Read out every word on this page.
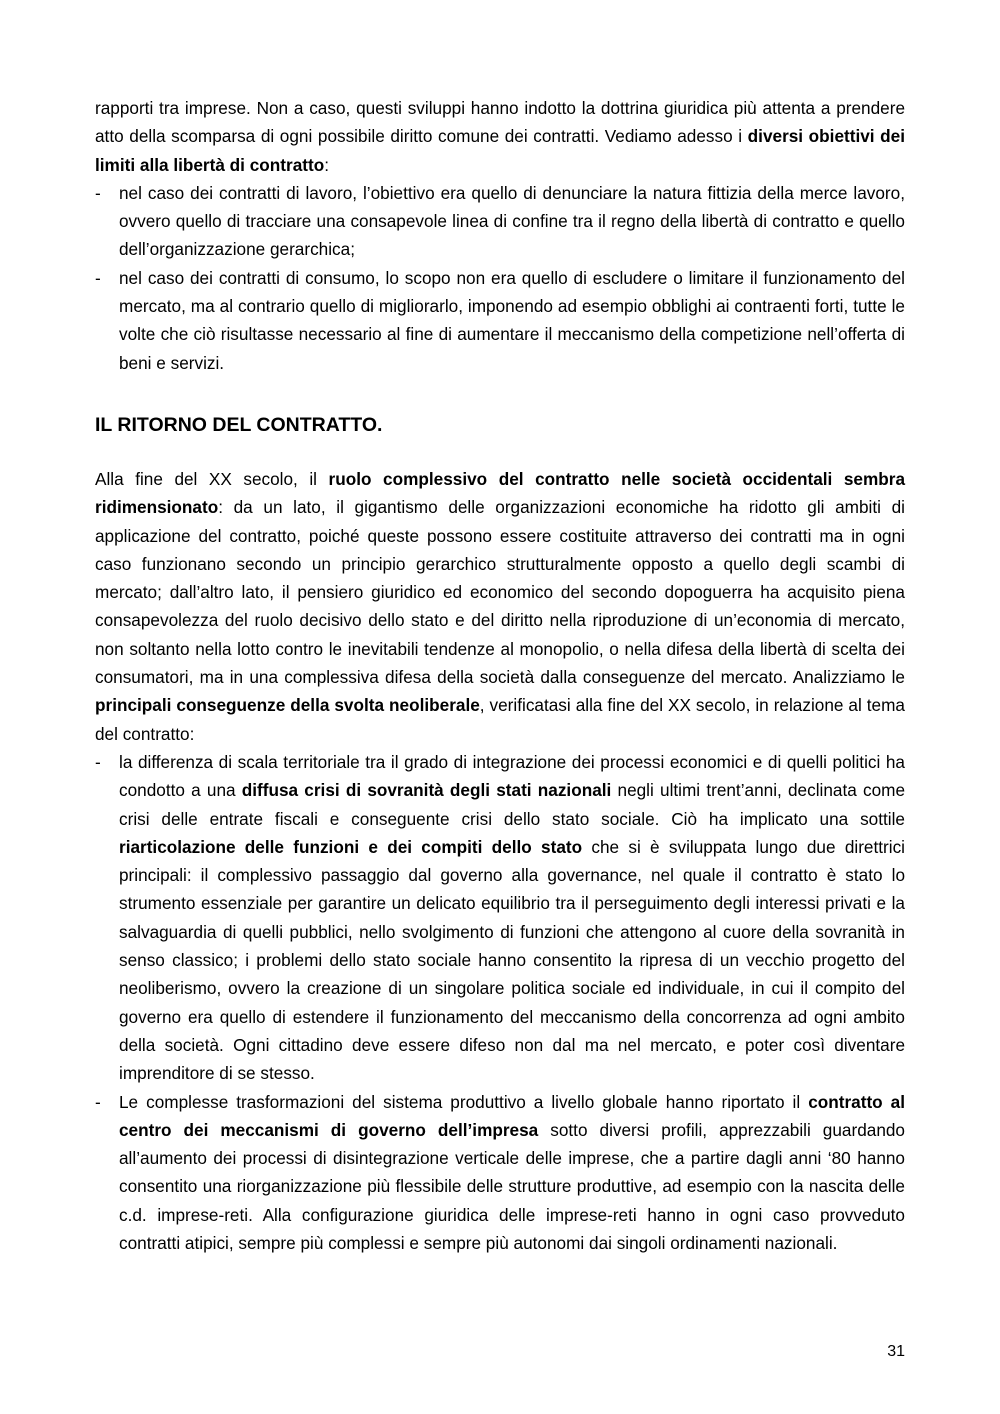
rapporti tra imprese. Non a caso, questi sviluppi hanno indotto la dottrina giuridica più attenta a prendere atto della scomparsa di ogni possibile diritto comune dei contratti. Vediamo adesso i diversi obiettivi dei limiti alla libertà di contratto:

- nel caso dei contratti di lavoro, l’obiettivo era quello di denunciare la natura fittizia della merce lavoro, ovvero quello di tracciare una consapevole linea di confine tra il regno della libertà di contratto e quello dell’organizzazione gerarchica;
- nel caso dei contratti di consumo, lo scopo non era quello di escludere o limitare il funzionamento del mercato, ma al contrario quello di migliorarlo, imponendo ad esempio obblighi ai contraenti forti, tutte le volte che ciò risultasse necessario al fine di aumentare il meccanismo della competizione nell’offerta di beni e servizi.
IL RITORNO DEL CONTRATTO.

Alla fine del XX secolo, il ruolo complessivo del contratto nelle società occidentali sembra ridimensionato: da un lato, il gigantismo delle organizzazioni economiche ha ridotto gli ambiti di applicazione del contratto, poiché queste possono essere costituite attraverso dei contratti ma in ogni caso funzionano secondo un principio gerarchico strutturalmente opposto a quello degli scambi di mercato; dall’altro lato, il pensiero giuridico ed economico del secondo dopoguerra ha acquisito piena consapevolezza del ruolo decisivo dello stato e del diritto nella riproduzione di un’economia di mercato, non soltanto nella lotto contro le inevitabili tendenze al monopolio, o nella difesa della libertà di scelta dei consumatori, ma in una complessiva difesa della società dalla conseguenze del mercato. Analizziamo le principali conseguenze della svolta neoliberale, verificatasi alla fine del XX secolo, in relazione al tema del contratto:

- la differenza di scala territoriale tra il grado di integrazione dei processi economici e di quelli politici ha condotto a una diffusa crisi di sovranità degli stati nazionali negli ultimi trent’anni, declinata come crisi delle entrate fiscali e conseguente crisi dello stato sociale. Ciò ha implicato una sottile riarticolazione delle funzioni e dei compiti dello stato che si è sviluppata lungo due direttrici principali: il complessivo passaggio dal governo alla governance, nel quale il contratto è stato lo strumento essenziale per garantire un delicato equilibrio tra il perseguimento degli interessi privati e la salvaguardia di quelli pubblici, nello svolgimento di funzioni che attengono al cuore della sovranità in senso classico; i problemi dello stato sociale hanno consentito la ripresa di un vecchio progetto del neoliberismo, ovvero la creazione di un singolare politica sociale ed individuale, in cui il compito del governo era quello di estendere il funzionamento del meccanismo della concorrenza ad ogni ambito della società. Ogni cittadino deve essere difeso non dal ma nel mercato, e poter così diventare imprenditore di se stesso.
- Le complesse trasformazioni del sistema produttivo a livello globale hanno riportato il contratto al centro dei meccanismi di governo dell’impresa sotto diversi profili, apprezzabili guardando all’aumento dei processi di disintegrazione verticale delle imprese, che a partire dagli anni ‘80 hanno consentito una riorganizzazione più flessibile delle strutture produttive, ad esempio con la nascita delle c.d. imprese-reti. Alla configurazione giuridica delle imprese-reti hanno in ogni caso provveduto contratti atipici, sempre più complessi e sempre più autonomi dai singoli ordinamenti nazionali.
31
